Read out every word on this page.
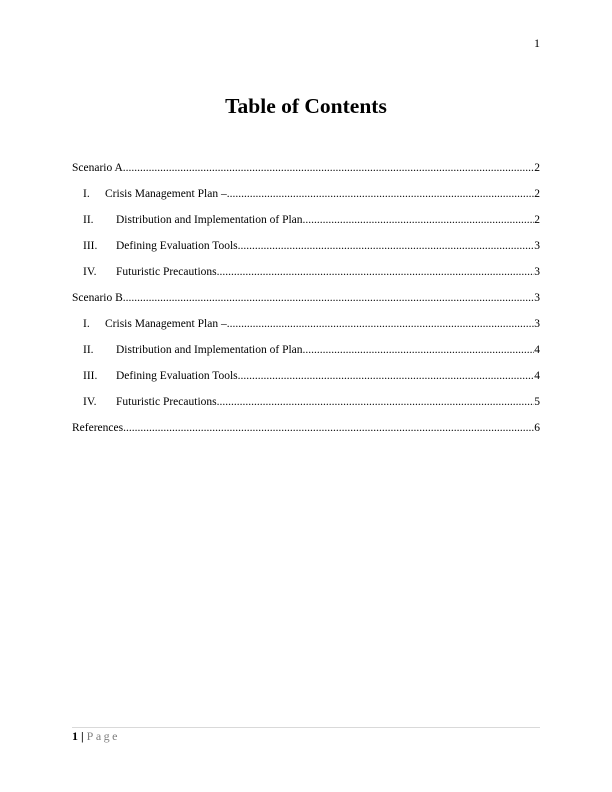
1
Table of Contents
Scenario A .....	2
I.	Crisis Management Plan – .....	2
II.	Distribution and Implementation of Plan .....	2
III.	Defining Evaluation Tools .....	3
IV.	Futuristic Precautions .....	3
Scenario B .....	3
I.	Crisis Management Plan – .....	3
II.	Distribution and Implementation of Plan .....	4
III.	Defining Evaluation Tools .....	4
IV.	Futuristic Precautions .....	5
References .....	6
1 | Page
